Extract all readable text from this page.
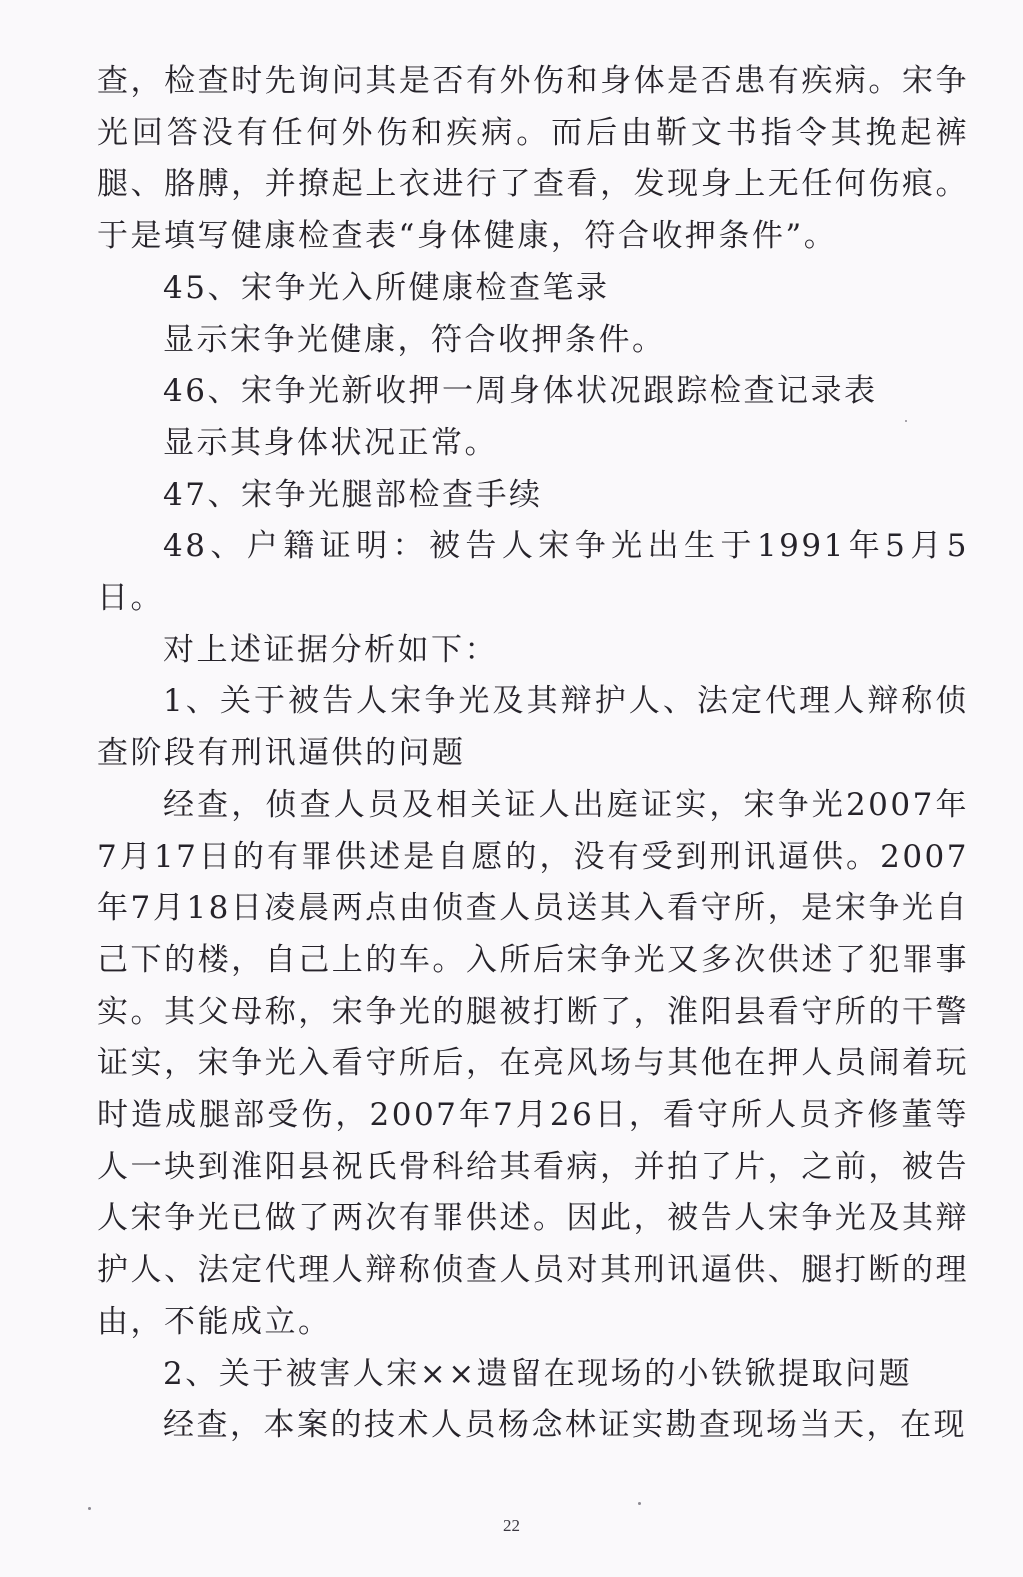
查，检查时先询问其是否有外伤和身体是否患有疾病。宋争光回答没有任何外伤和疾病。而后由靳文书指令其挽起裤腿、胳膊，并撩起上衣进行了查看，发现身上无任何伤痕。于是填写健康检查表“身体健康，符合收押条件”。

45、宋争光入所健康检查笔录

显示宋争光健康，符合收押条件。

46、宋争光新收押一周身体状况跟踪检查记录表

显示其身体状况正常。

47、宋争光腿部检查手续

48、户籍证明：被告人宋争光出生于1991年5月5日。

对上述证据分析如下：

1、关于被告人宋争光及其辩护人、法定代理人辩称侦查阶段有刑讯逼供的问题

经查，侦查人员及相关证人出庭证实，宋争光2007年7月17日的有罪供述是自愿的，没有受到刑讯逼供。2007年7月18日凌晨两点由侦查人员送其入看守所，是宋争光自己下的楼，自己上的车。入所后宋争光又多次供述了犯罪事实。其父母称，宋争光的腿被打断了，淮阳县看守所的干警证实，宋争光入看守所后，在亮风场与其他在押人员闹着玩时造成腿部受伤，2007年7月26日，看守所人员齐修董等人一块到淮阳县祝氏骨科给其看病，并拍了片，之前，被告人宋争光已做了两次有罪供述。因此，被告人宋争光及其辩护人、法定代理人辩称侦查人员对其刑讯逼供、腿打断的理由，不能成立。

2、关于被害人宋××遗留在现场的小铁锨提取问题

经查，本案的技术人员杨念林证实勘查现场当天，在现

22
